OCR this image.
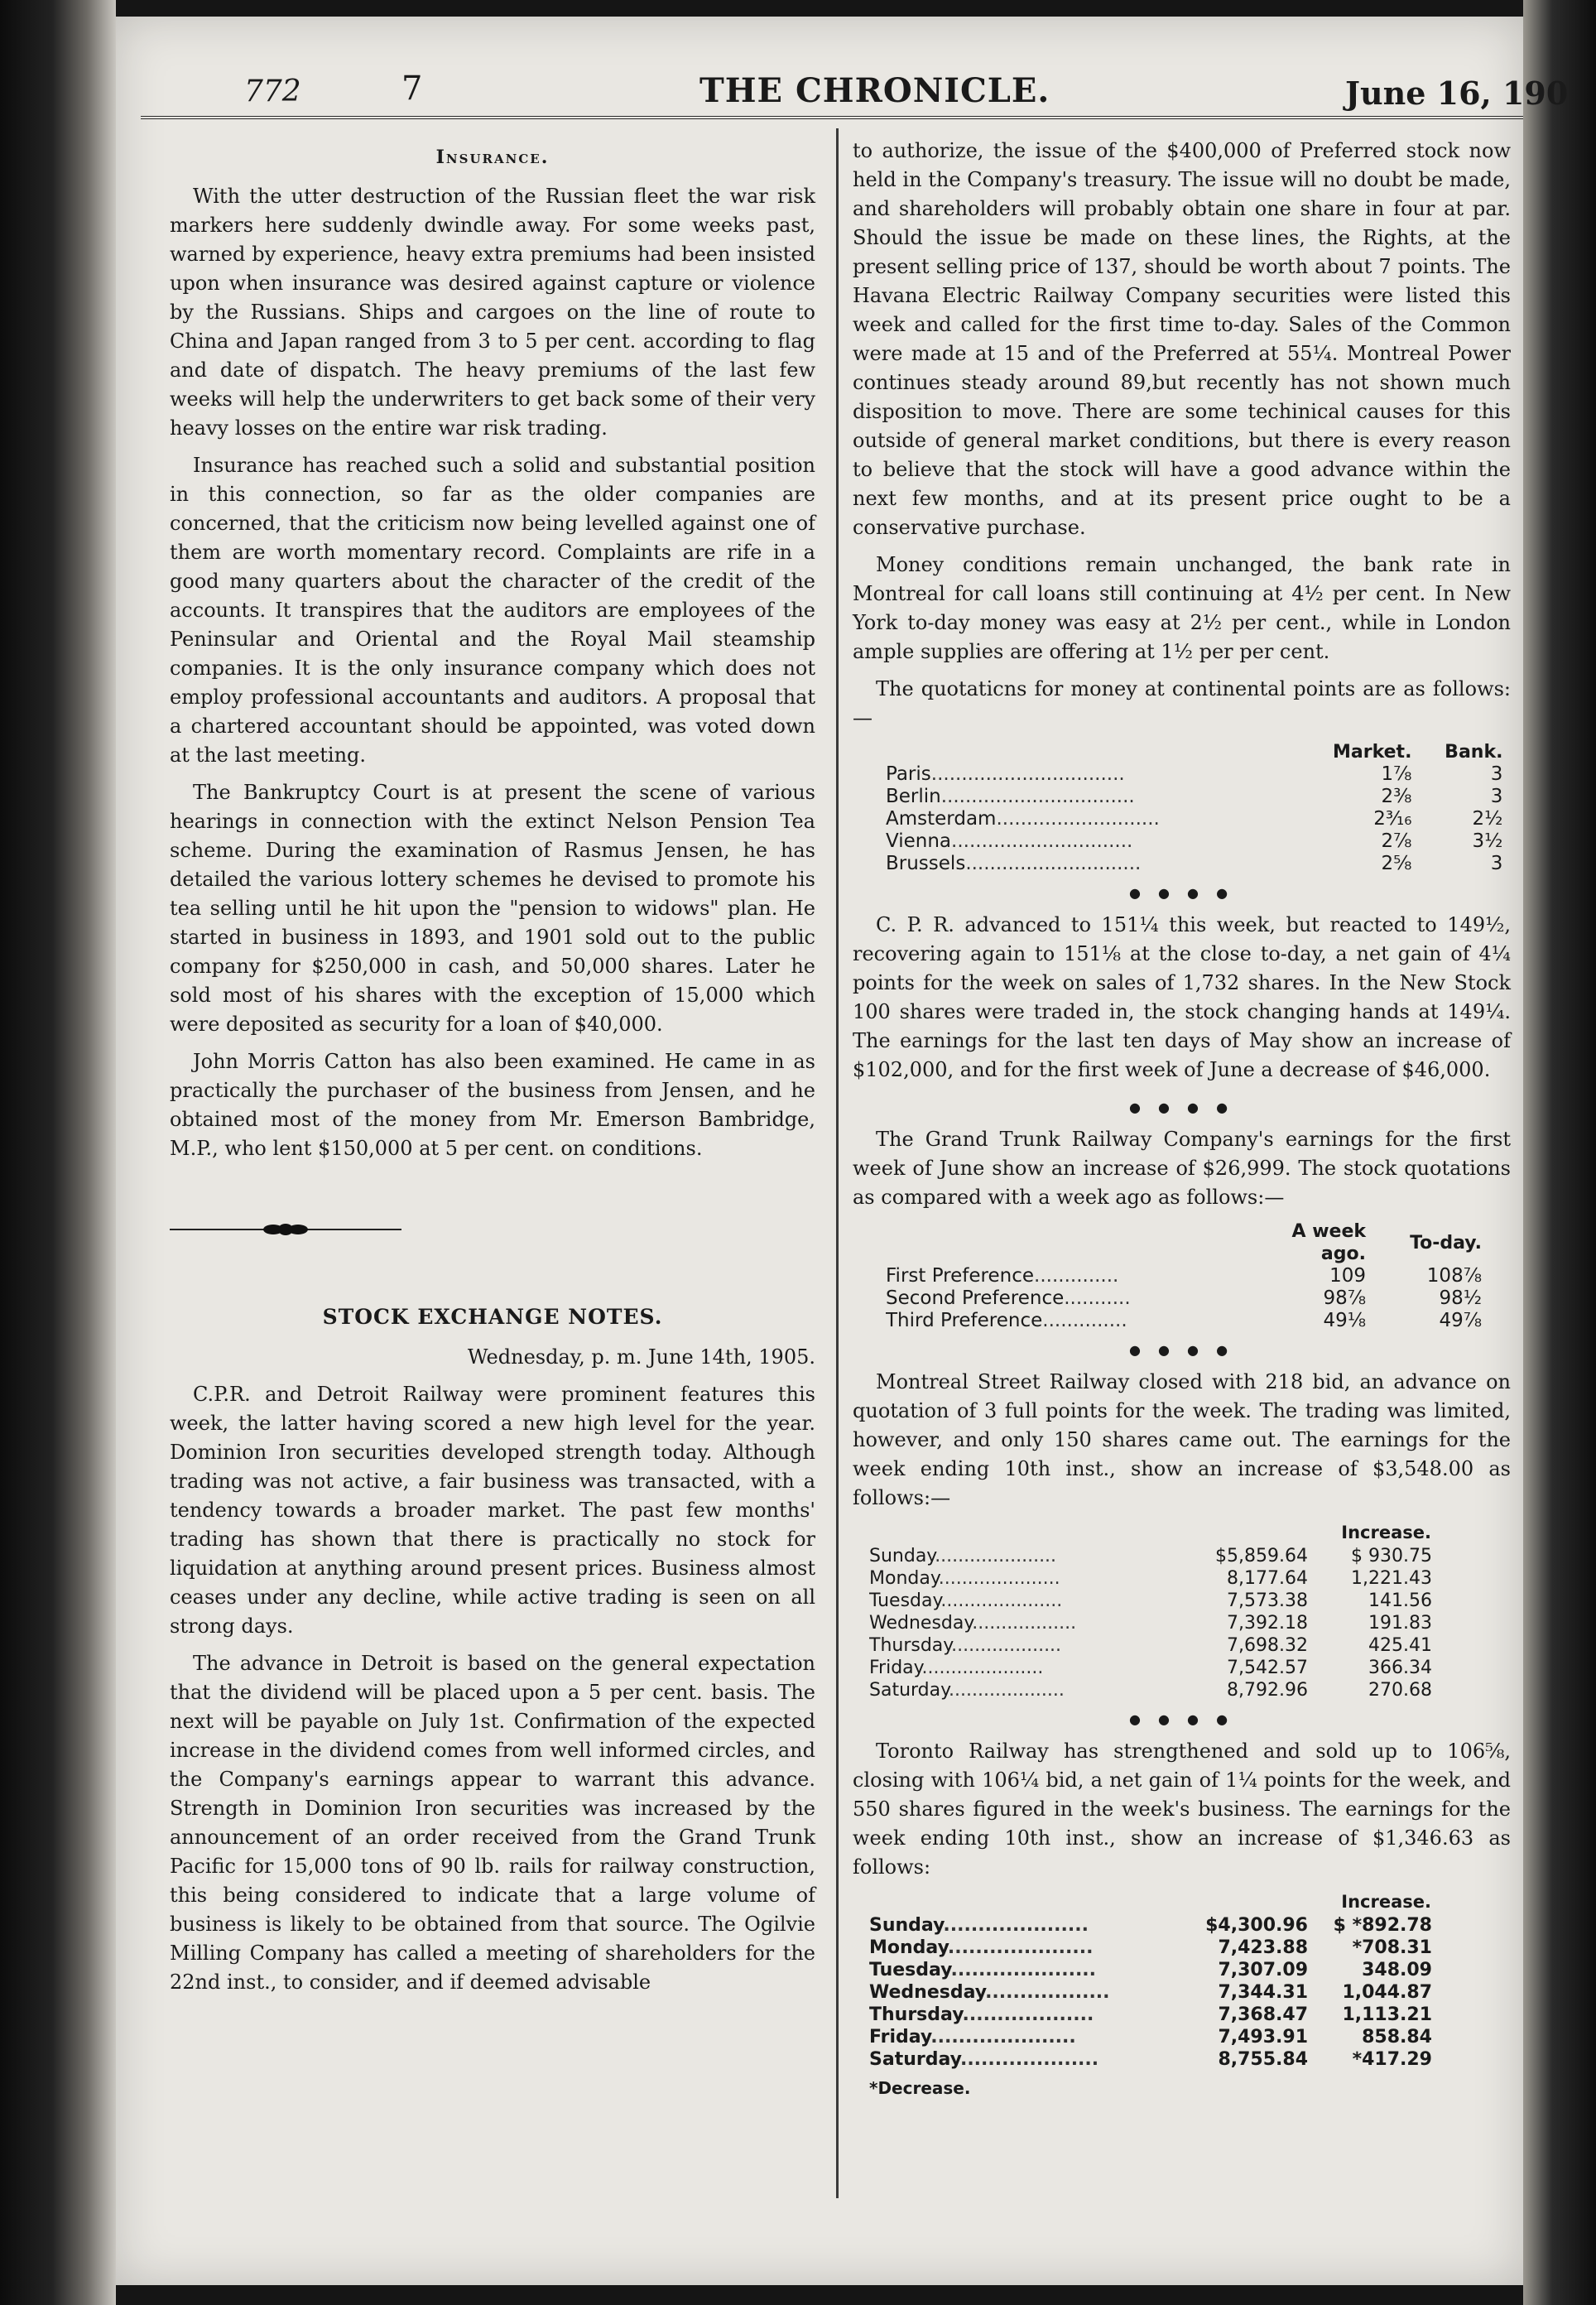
772	7	THE CHRONICLE.	June 16, 190
Insurance.

With the utter destruction of the Russian fleet the war risk markers here suddenly dwindle away. For some weeks past, warned by experience, heavy extra premiums had been insisted upon when insurance was desired against capture or violence by the Russians. Ships and cargoes on the line of route to China and Japan ranged from 3 to 5 per cent. according to flag and date of dispatch. The heavy premiums of the last few weeks will help the underwriters to get back some of their very heavy losses on the entire war risk trading.

Insurance has reached such a solid and substantial position in this connection, so far as the older companies are concerned, that the criticism now being levelled against one of them are worth momentary record. Complaints are rife in a good many quarters about the character of the credit of the accounts. It transpires that the auditors are employees of the Peninsular and Oriental and the Royal Mail steamship companies. It is the only insurance company which does not employ professional accountants and auditors. A proposal that a chartered accountant should be appointed, was voted down at the last meeting.

The Bankruptcy Court is at present the scene of various hearings in connection with the extinct Nelson Pension Tea scheme. During the examination of Rasmus Jensen, he has detailed the various lottery schemes he devised to promote his tea selling until he hit upon the "pension to widows" plan. He started in business in 1893, and 1901 sold out to the public company for $250,000 in cash, and 50,000 shares. Later he sold most of his shares with the exception of 15,000 which were deposited as security for a loan of $40,000.

John Morris Catton has also been examined. He came in as practically the purchaser of the business from Jensen, and he obtained most of the money from Mr. Emerson Bambridge, M.P., who lent $150,000 at 5 per cent. on conditions.

STOCK EXCHANGE NOTES.
Wednesday, p. m. June 14th, 1905.

C.P.R. and Detroit Railway were prominent features this week, the latter having scored a new high level for the year. Dominion Iron securities developed strength today. Although trading was not active, a fair business was transacted, with a tendency towards a broader market. The past few months' trading has shown that there is practically no stock for liquidation at anything around present prices. Business almost ceases under any decline, while active trading is seen on all strong days.

The advance in Detroit is based on the general expectation that the dividend will be placed upon a 5 per cent. basis. The next will be payable on July 1st. Confirmation of the expected increase in the dividend comes from well informed circles, and the Company's earnings appear to warrant this advance. Strength in Dominion Iron securities was increased by the announcement of an order received from the Grand Trunk Pacific for 15,000 tons of 90 lb. rails for railway construction, this being considered to indicate that a large volume of business is likely to be obtained from that source. The Ogilvie Milling Company has called a meeting of shareholders for the 22nd inst., to consider, and if deemed advisable

to authorize, the issue of the $400,000 of Preferred stock now held in the Company's treasury. The issue will no doubt be made, and shareholders will probably obtain one share in four at par. Should the issue be made on these lines, the Rights, at the present selling price of 137, should be worth about 7 points. The Havana Electric Railway Company securities were listed this week and called for the first time to-day. Sales of the Common were made at 15 and of the Preferred at 55¼. Montreal Power continues steady around 89,but recently has not shown much disposition to move. There are some techinical causes for this outside of general market conditions, but there is every reason to believe that the stock will have a good advance within the next few months, and at its present price ought to be a conservative purchase.

Money conditions remain unchanged, the bank rate in Montreal for call loans still continuing at 4½ per cent. In New York to-day money was easy at 2½ per cent., while in London ample supplies are offering at 1½ per per cent.

The quotaticns for money at continental points are as follows:—

	Market.	Bank.
Paris................................	1⅞	3
Berlin................................	2⅜	3
Amsterdam...........................	2³⁄₁₆	2½
Vienna..............................	2⅞	3½
Brussels.............................	2⅝	3
● ● ● ●

C. P. R. advanced to 151¼ this week, but reacted to 149½, recovering again to 151⅛ at the close to-day, a net gain of 4¼ points for the week on sales of 1,732 shares. In the New Stock 100 shares were traded in, the stock changing hands at 149¼. The earnings for the last ten days of May show an increase of $102,000, and for the first week of June a decrease of $46,000.

● ● ● ●

The Grand Trunk Railway Company's earnings for the first week of June show an increase of $26,999. The stock quotations as compared with a week ago as follows:—

	A week ago.	To-day.
First Preference..............	109	108⅞
Second Preference...........	98⅞	98½
Third Preference..............	49⅛	49⅞
● ● ● ●

Montreal Street Railway closed with 218 bid, an advance on quotation of 3 full points for the week. The trading was limited, however, and only 150 shares came out. The earnings for the week ending 10th inst., show an increase of $3,548.00 as follows:—

		Increase.
Sunday.....................	$5,859.64	$ 930.75
Monday.....................	8,177.64	1,221.43
Tuesday.....................	7,573.38	141.56
Wednesday..................	7,392.18	191.83
Thursday...................	7,698.32	425.41
Friday.....................	7,542.57	366.34
Saturday....................	8,792.96	270.68
● ● ● ●

Toronto Railway has strengthened and sold up to 106⅝, closing with 106¼ bid, a net gain of 1¼ points for the week, and 550 shares figured in the week's business. The earnings for the week ending 10th inst., show an increase of $1,346.63 as follows:

		Increase.
Sunday.....................	$4,300.96	$ *892.78
Monday.....................	7,423.88	*708.31
Tuesday.....................	7,307.09	348.09
Wednesday..................	7,344.31	1,044.87
Thursday...................	7,368.47	1,113.21
Friday.....................	7,493.91	858.84
Saturday....................	8,755.84	*417.29
*Decrease.
